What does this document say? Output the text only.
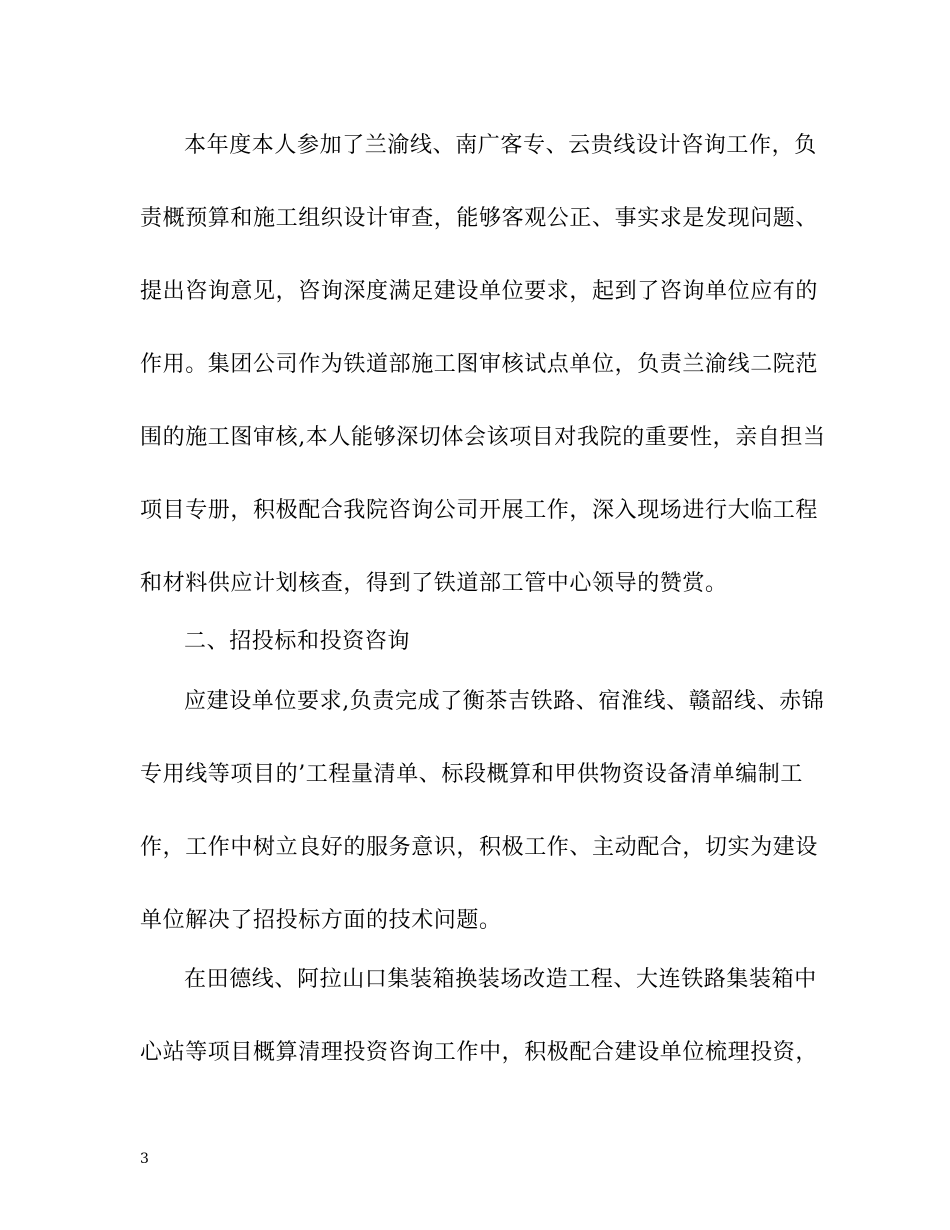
本年度本人参加了兰渝线、南广客专、云贵线设计咨询工作，负
责概预算和施工组织设计审查，能够客观公正、事实求是发现问题、
提出咨询意见，咨询深度满足建设单位要求，起到了咨询单位应有的
作用。集团公司作为铁道部施工图审核试点单位，负责兰渝线二院范
围的施工图审核,本人能够深切体会该项目对我院的重要性，亲自担当
项目专册，积极配合我院咨询公司开展工作，深入现场进行大临工程
和材料供应计划核查，得到了铁道部工管中心领导的赞赏。
二、招投标和投资咨询
应建设单位要求,负责完成了衡茶吉铁路、宿淮线、赣韶线、赤锦
专用线等项目的’工程量清单、标段概算和甲供物资设备清单编制工
作，工作中树立良好的服务意识，积极工作、主动配合，切实为建设
单位解决了招投标方面的技术问题。
在田德线、阿拉山口集装箱换装场改造工程、大连铁路集装箱中
心站等项目概算清理投资咨询工作中，积极配合建设单位梳理投资，
3
